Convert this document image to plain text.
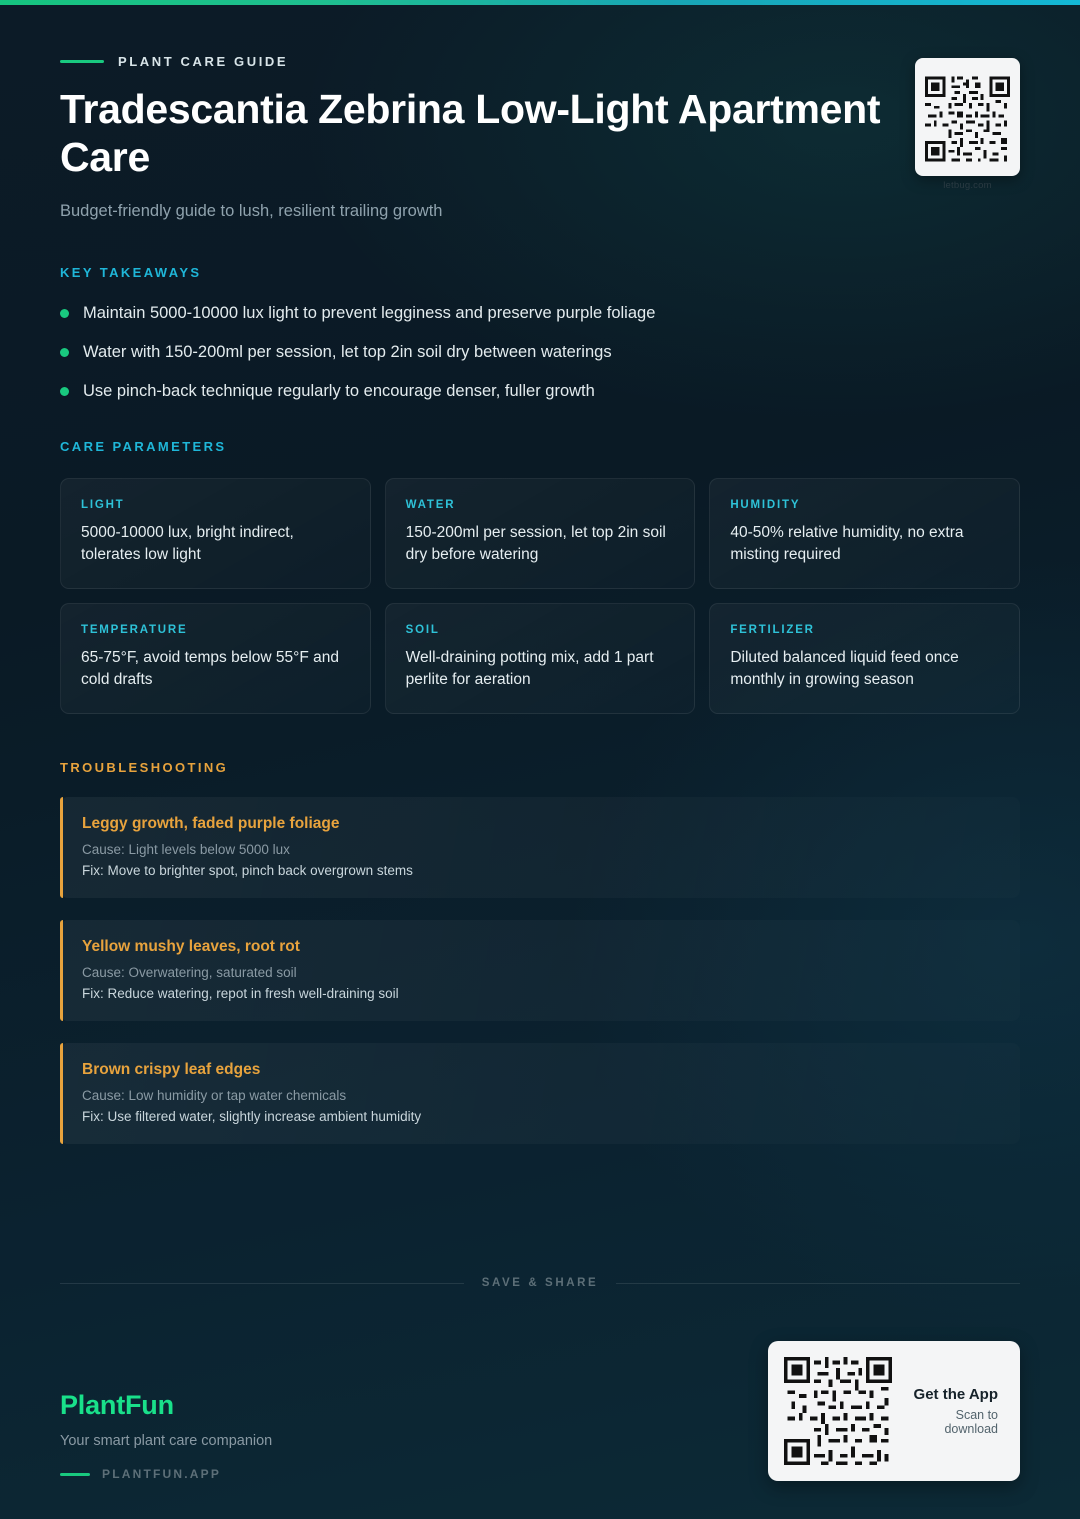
PLANT CARE GUIDE
Tradescantia Zebrina Low-Light Apartment Care
Budget-friendly guide to lush, resilient trailing growth
letbug.com
KEY TAKEAWAYS
Maintain 5000-10000 lux light to prevent legginess and preserve purple foliage
Water with 150-200ml per session, let top 2in soil dry between waterings
Use pinch-back technique regularly to encourage denser, fuller growth
CARE PARAMETERS
LIGHT
5000-10000 lux, bright indirect, tolerates low light
WATER
150-200ml per session, let top 2in soil dry before watering
HUMIDITY
40-50% relative humidity, no extra misting required
TEMPERATURE
65-75°F, avoid temps below 55°F and cold drafts
SOIL
Well-draining potting mix, add 1 part perlite for aeration
FERTILIZER
Diluted balanced liquid feed once monthly in growing season
TROUBLESHOOTING
Leggy growth, faded purple foliage
Cause: Light levels below 5000 lux
Fix: Move to brighter spot, pinch back overgrown stems
Yellow mushy leaves, root rot
Cause: Overwatering, saturated soil
Fix: Reduce watering, repot in fresh well-draining soil
Brown crispy leaf edges
Cause: Low humidity or tap water chemicals
Fix: Use filtered water, slightly increase ambient humidity
SAVE & SHARE
PlantFun
Your smart plant care companion
PLANTFUN.APP
Get the App
Scan to download
